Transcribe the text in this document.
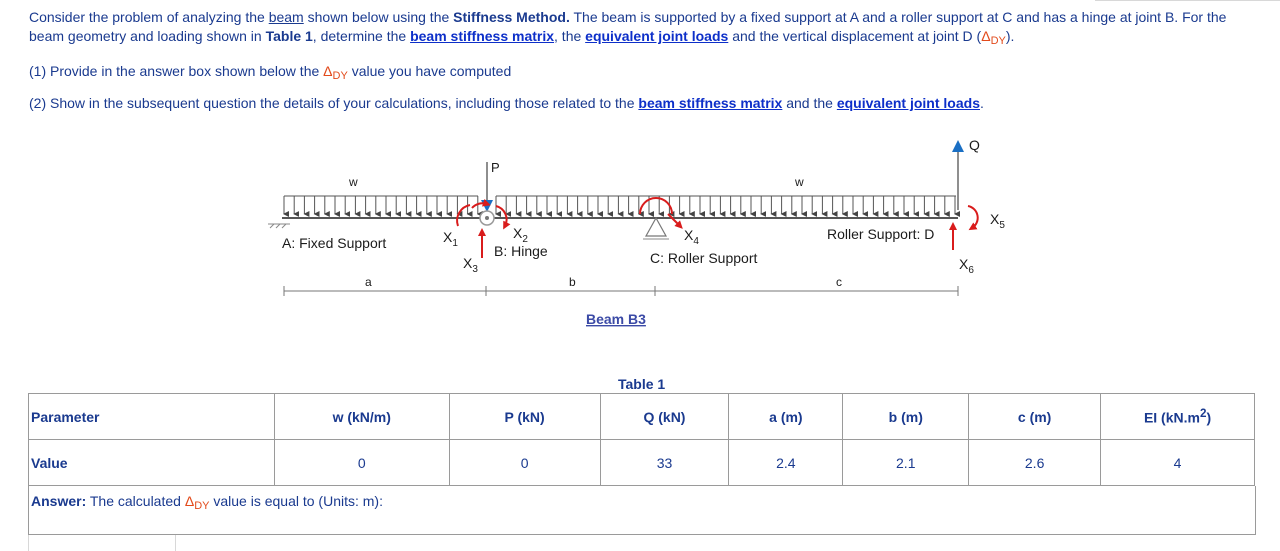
Consider the problem of analyzing the beam shown below using the Stiffness Method. The beam is supported by a fixed support at A and a roller support at C and has a hinge at joint B. For the beam geometry and loading shown in Table 1, determine the beam stiffness matrix, the equivalent joint loads and the vertical displacement at joint D $(\Delta_{DY})$.
(1) Provide in the answer box shown below the $\Delta_{DY}$ value you have computed
(2) Show in the subsequent question the details of your calculations, including those related to the beam stiffness matrix and the equivalent joint loads.
w	w
P
Q
$X_1$
$X_2$
$X_3$
$X_4$
$X_5$
$X_6$
A: Fixed Support	B: Hinge	C: Roller Support
Roller Support: D
a	b	c
Beam B3
Table 1
Parameter	w (kN/m)	P (kN)	Q (kN)	a (m)	b (m)	c (m)	EI $(kN.m^2)$
Value	0	0	33	2.4	2.1	2.6	4
Answer: The calculated $\Delta_{DY}$ value is equal to (Units: m):
